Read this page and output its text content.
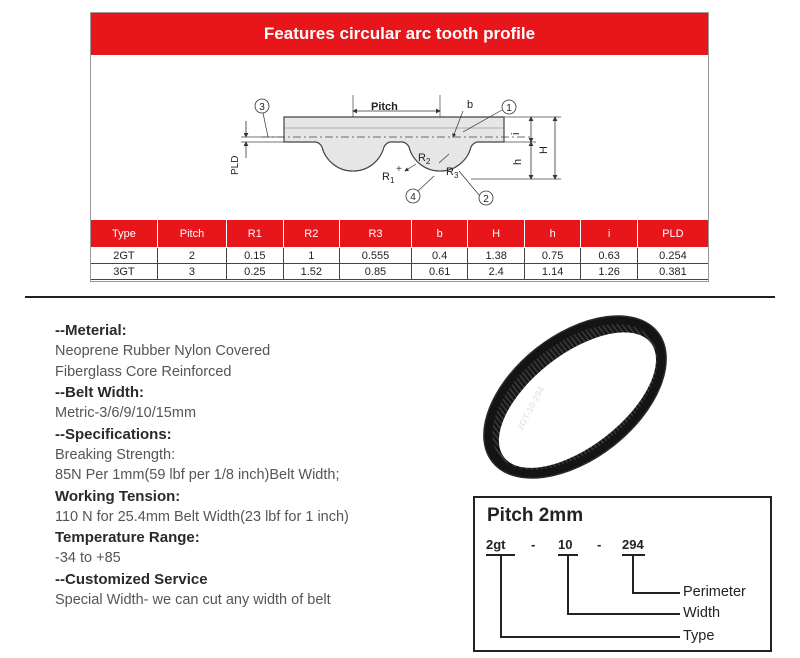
Features circular arc tooth profile
PLD
Pitch	b
i
h
H
$R_2$
$R_3$
$R_1$
+
1
2
3
4
Type	Pitch	R1	R2	R3	b	H	h	i	PLD
2GT	2	0.15	1	0.555	0.4	1.38	0.75	0.63	0.254
3GT	3	0.25	1.52	0.85	0.61	2.4	1.14	1.26	0.381
--Meterial:
Neoprene Rubber Nylon Covered
Fiberglass Core Reinforced
--Belt Width:
Metric-3/6/9/10/15mm
--Specifications:
Breaking Strength:
85N Per 1mm(59 lbf per 1/8 inch)Belt Width;
Working Tension:
110 N for 25.4mm Belt Width(23 lbf for 1 inch)
Temperature Range:
-34 to +85
--Customized Service
Special Width- we can cut any width of belt
2GT-10-294
Pitch 2mm
2gt - 10 - 294
Perimeter
Width
Type
